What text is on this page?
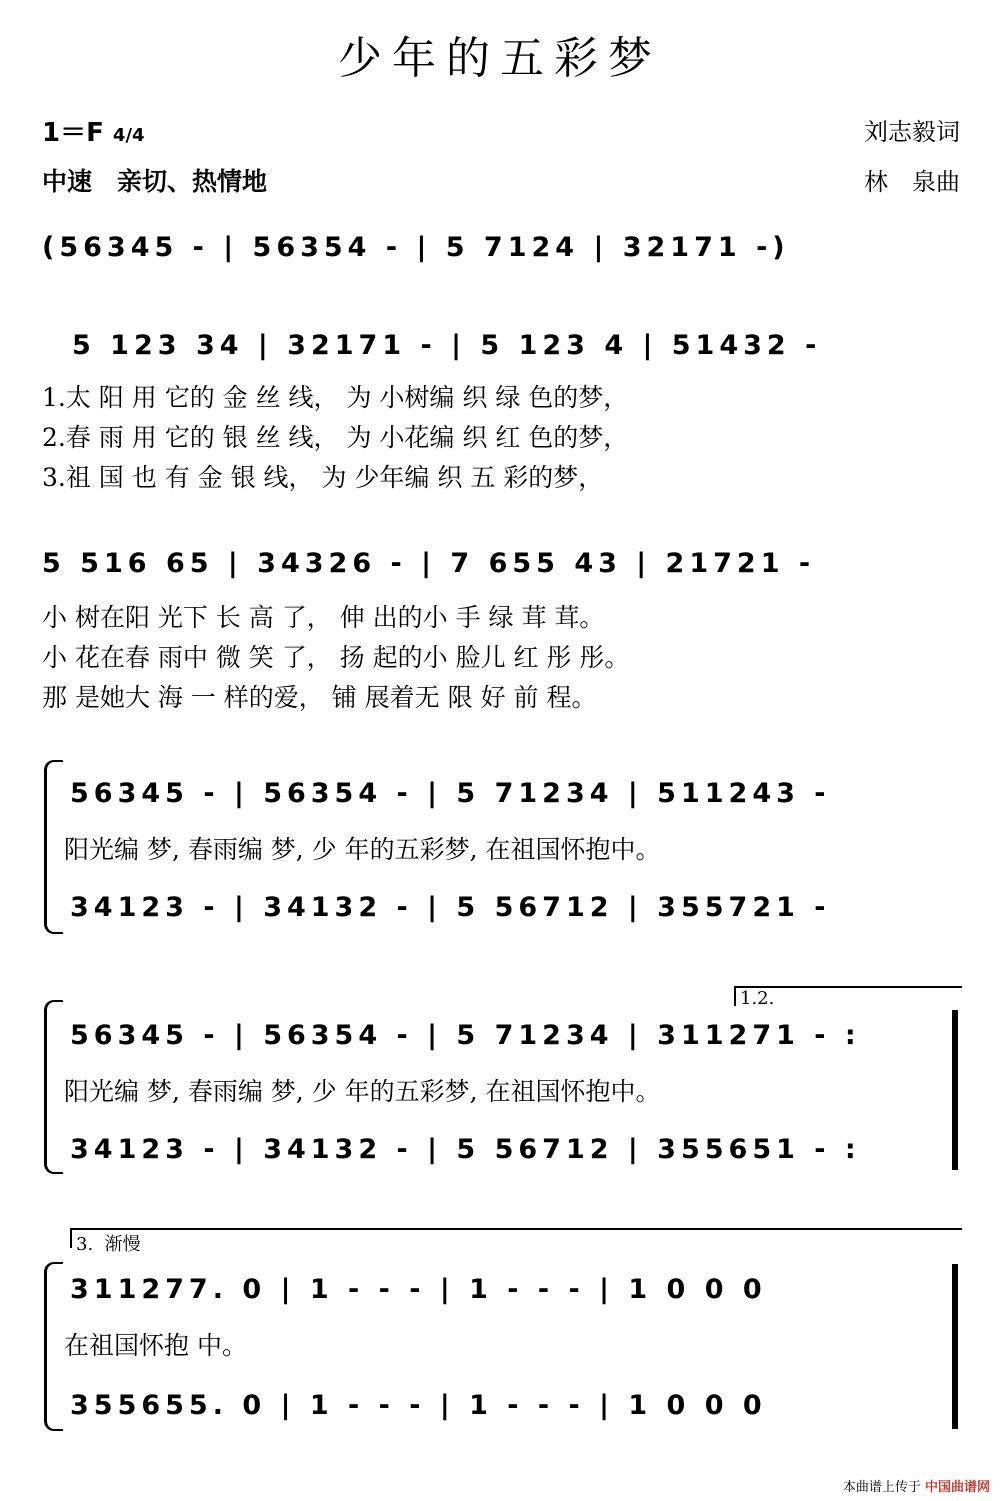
少年的五彩梦
1＝F 4/4
中速　亲切、热情地
刘志毅词
林　泉曲
(56345 - | 56354 - | 5 7124 | 32171 -)
5 123 34 | 32171 - | 5 123 4 | 51432 -
1.太 阳 用 它的 金 丝 线， 为 小树编 织 绿 色的梦，
2.春 雨 用 它的 银 丝 线， 为 小花编 织 红 色的梦，
3.祖 国 也 有 金 银 线， 为 少年编 织 五 彩的梦，
5 516 65 | 34326 - | 7 655 43 | 21721 -
小 树在阳 光下 长 高 了， 伸 出的小 手 绿 茸 茸。
小 花在春 雨中 微 笑 了， 扬 起的小 脸儿 红 彤 彤。
那 是她大 海 一 样的爱， 铺 展着无 限 好 前 程。
56345 - | 56354 - | 5 71234 | 511243 -
阳光编 梦, 春雨编 梦, 少 年的五彩梦, 在祖国怀抱中。
34123 - | 34132 - | 5 56712 | 355721 -
1.2.
56345 - | 56354 - | 5 71234 | 311271 - :
阳光编 梦, 春雨编 梦, 少 年的五彩梦, 在祖国怀抱中。
34123 - | 34132 - | 5 56712 | 355651 - :
3. 渐慢
311277. 0 | 1 - - - | 1 - - - | 1 0 0 0
在祖国怀抱 中。
355655. 0 | 1 - - - | 1 - - - | 1 0 0 0
本曲谱上传于 中国曲谱网
